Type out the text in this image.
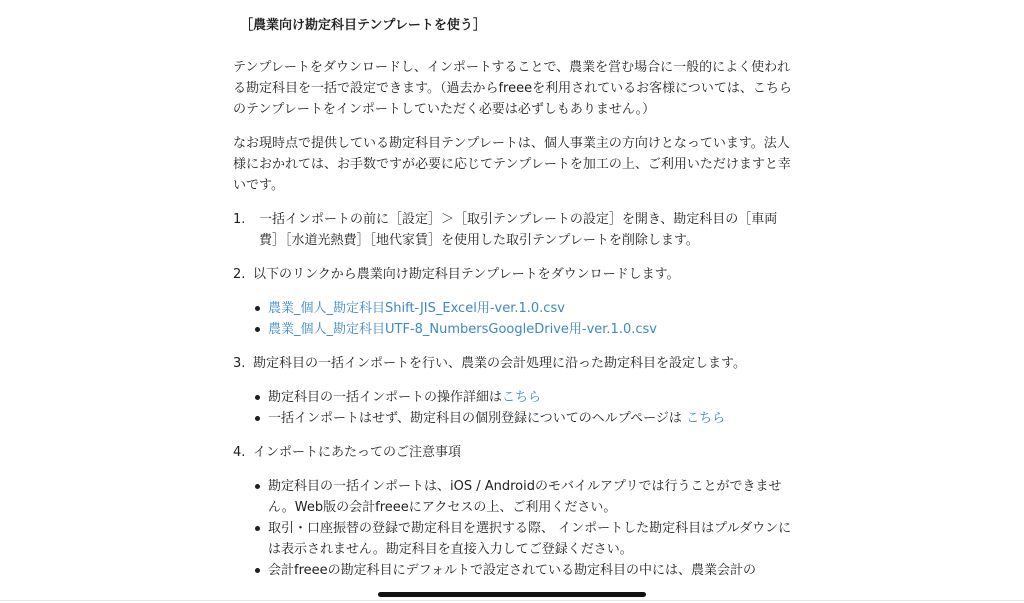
［農業向け勘定科目テンプレートを使う］

テンプレートをダウンロードし、インポートすることで、農業を営む場合に一般的によく使われる勘定科目を一括で設定できます。（過去からfreeeを利用されているお客様については、こちらのテンプレートをインポートしていただく必要は必ずしもありません。）

なお現時点で提供している勘定科目テンプレートは、個人事業主の方向けとなっています。法人様におかれては、お手数ですが必要に応じてテンプレートを加工の上、ご利用いただけますと幸いです。

1.	一括インポートの前に［設定］＞［取引テンプレートの設定］を開き、勘定科目の［車両費］［水道光熱費］［地代家賃］を使用した取引テンプレートを削除します。
2. 以下のリンクから農業向け勘定科目テンプレートをダウンロードします。
農業_個人_勘定科目Shift-JIS_Excel用-ver.1.0.csv
農業_個人_勘定科目UTF-8_NumbersGoogleDrive用-ver.1.0.csv
3. 勘定科目の一括インポートを行い、農業の会計処理に沿った勘定科目を設定します。
勘定科目の一括インポートの操作詳細はこちら
一括インポートはせず、勘定科目の個別登録についてのヘルプページは こちら
4. インポートにあたってのご注意事項
勘定科目の一括インポートは、iOS / Androidのモバイルアプリでは行うことができません。Web版の会計freeeにアクセスの上、ご利用ください。
取引・口座振替の登録で勘定科目を選択する際、 インポートした勘定科目はプルダウンには表示されません。勘定科目を直接入力してご登録ください。
会計freeeの勘定科目にデフォルトで設定されている勘定科目の中には、農業会計の
